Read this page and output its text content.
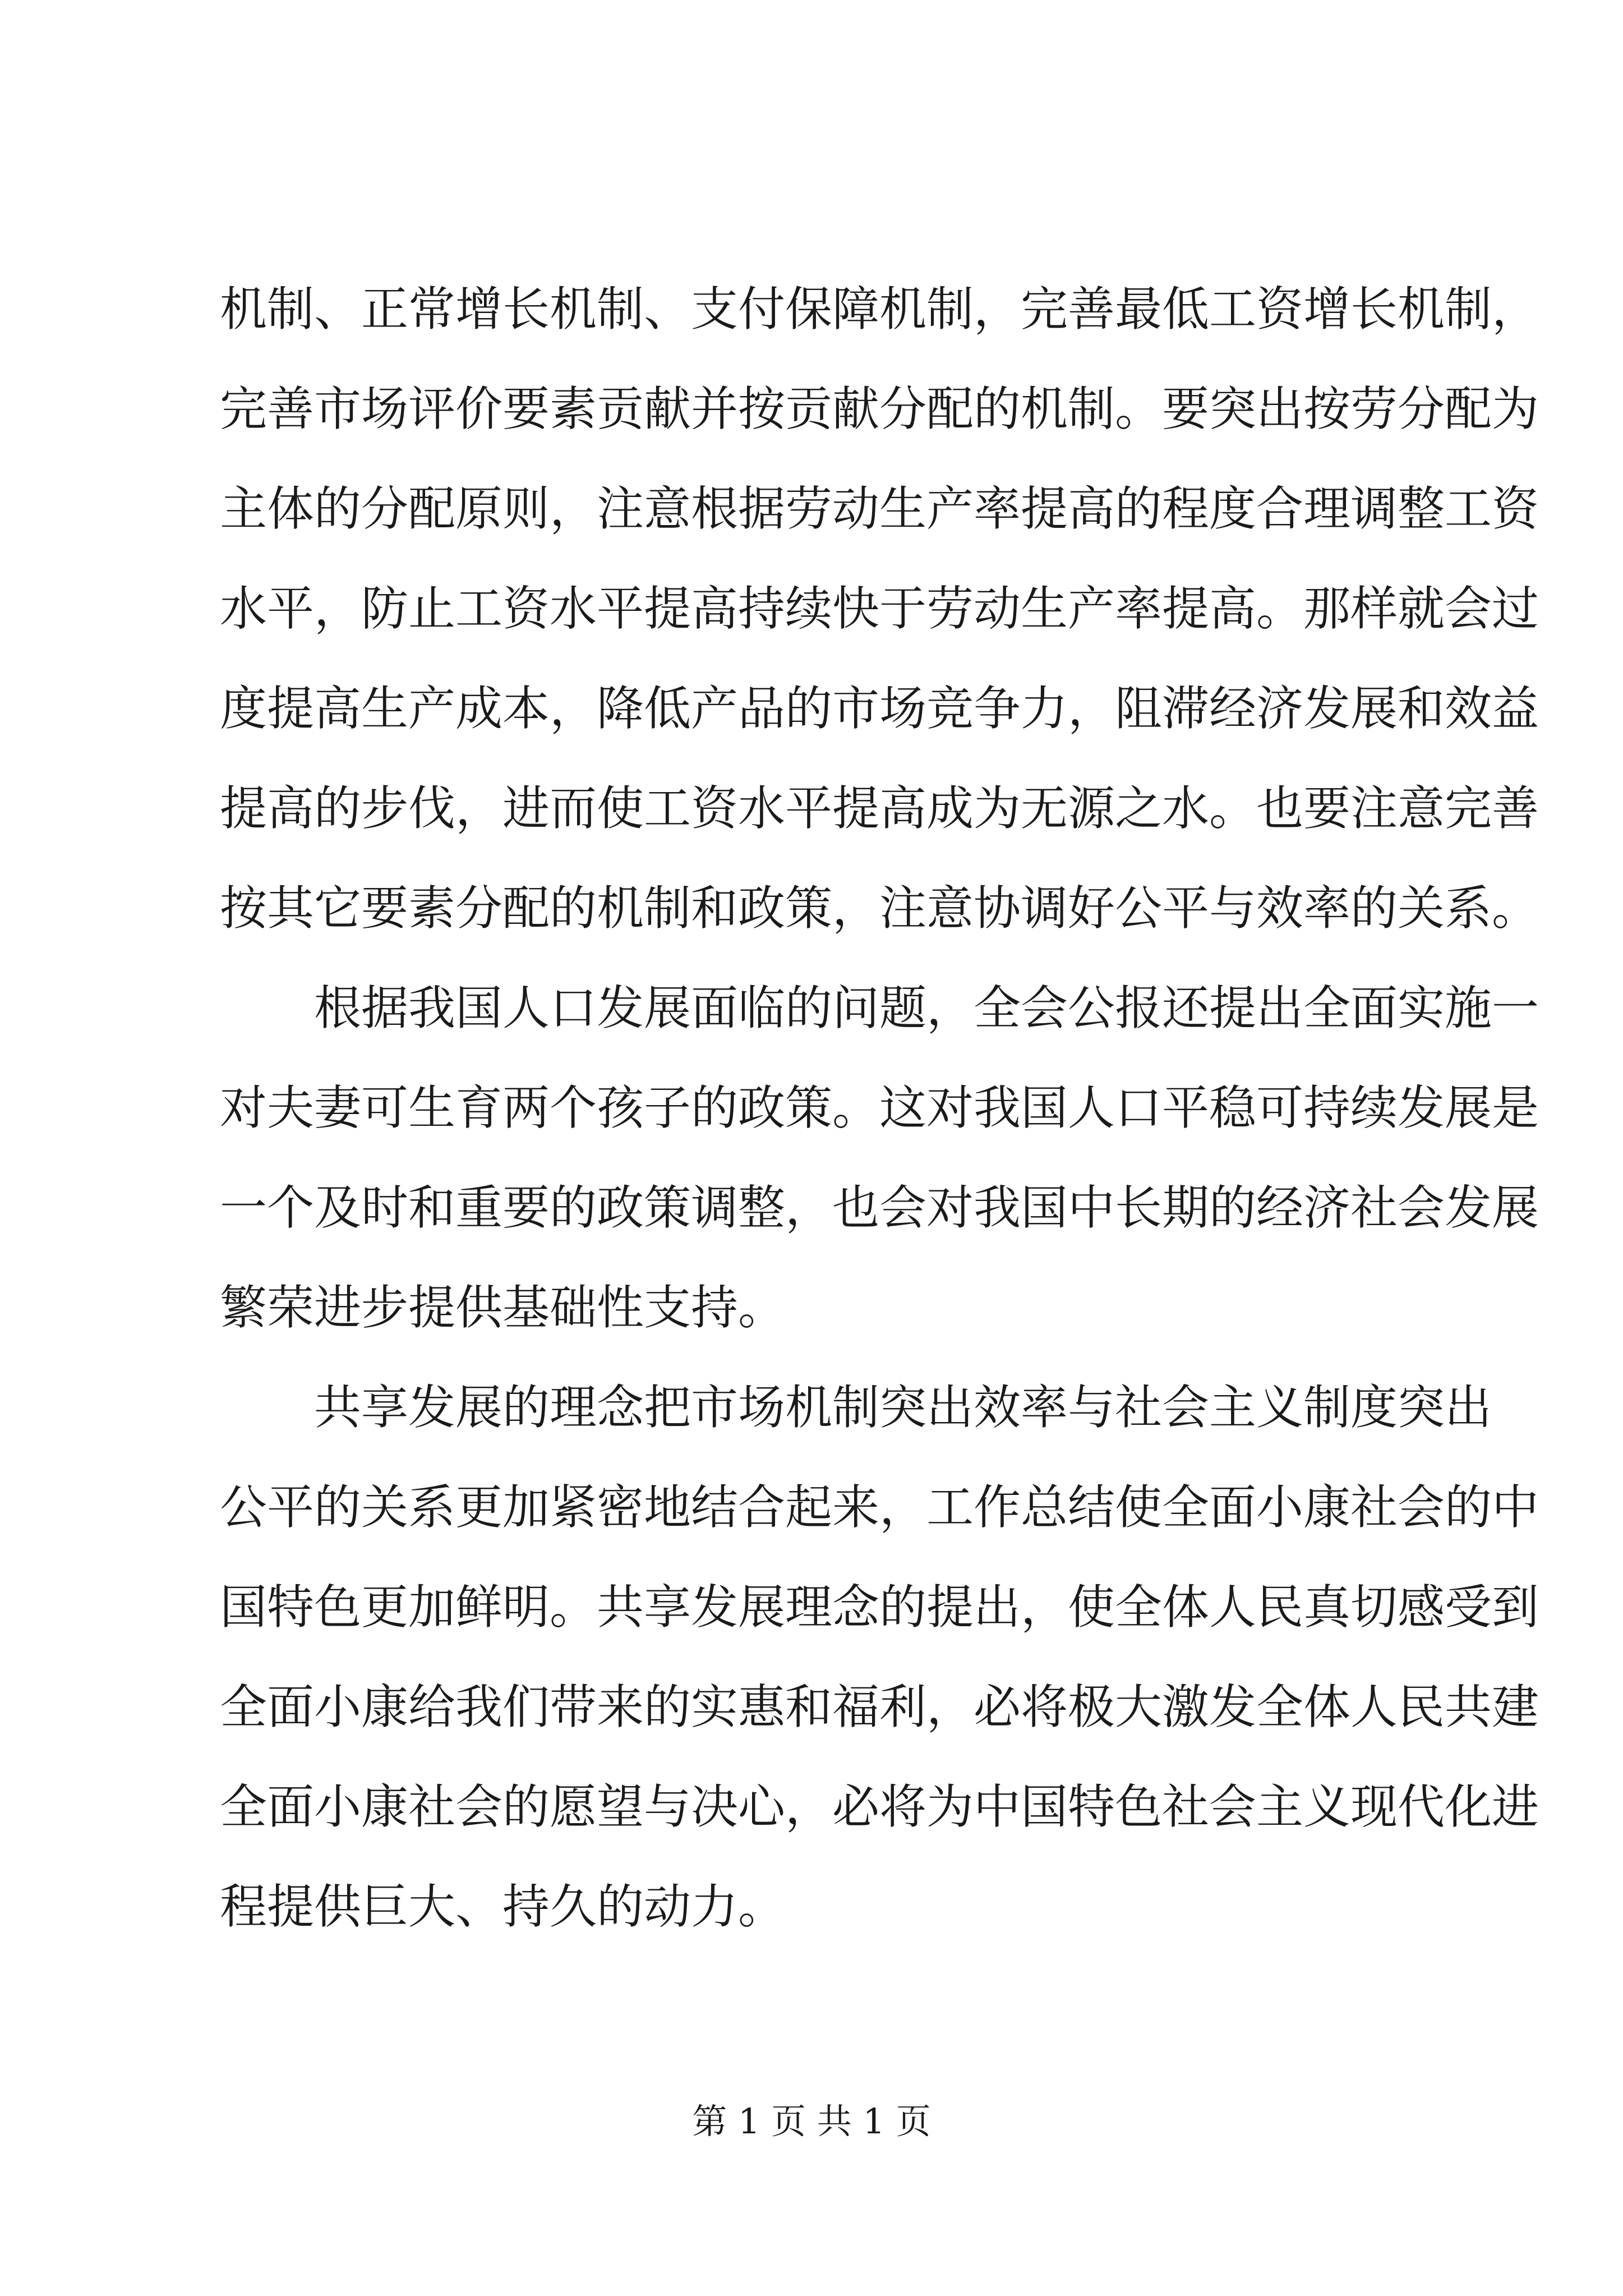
机制、正常增长机制、支付保障机制，完善最低工资增长机制，
完善市场评价要素贡献并按贡献分配的机制。要突出按劳分配为
主体的分配原则，注意根据劳动生产率提高的程度合理调整工资
水平，防止工资水平提高持续快于劳动生产率提高。那样就会过
度提高生产成本，降低产品的市场竞争力，阻滞经济发展和效益
提高的步伐，进而使工资水平提高成为无源之水。也要注意完善
按其它要素分配的机制和政策，注意协调好公平与效率的关系。
根据我国人口发展面临的问题，全会公报还提出全面实施一
对夫妻可生育两个孩子的政策。这对我国人口平稳可持续发展是
一个及时和重要的政策调整，也会对我国中长期的经济社会发展
繁荣进步提供基础性支持。
共享发展的理念把市场机制突出效率与社会主义制度突出
公平的关系更加紧密地结合起来，工作总结使全面小康社会的中
国特色更加鲜明。共享发展理念的提出，使全体人民真切感受到
全面小康给我们带来的实惠和福利，必将极大激发全体人民共建
全面小康社会的愿望与决心，必将为中国特色社会主义现代化进
程提供巨大、持久的动力。
第 1 页 共 1 页
